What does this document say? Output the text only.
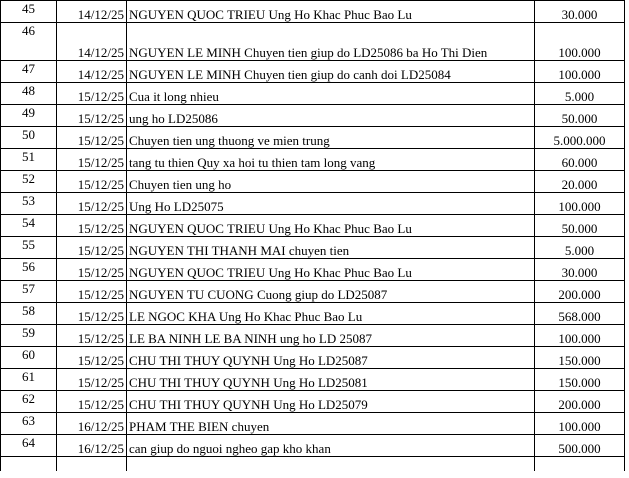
45	14/12/25	NGUYEN QUOC TRIEU Ung Ho Khac Phuc Bao Lu	30.000
46	14/12/25	NGUYEN LE MINH Chuyen tien giup do LD25086 ba Ho Thi Dien	100.000
47	14/12/25	NGUYEN LE MINH Chuyen tien giup do canh doi LD25084	100.000
48	15/12/25	Cua it long nhieu	5.000
49	15/12/25	ung ho LD25086	50.000
50	15/12/25	Chuyen tien ung thuong ve mien trung	5.000.000
51	15/12/25	tang tu thien Quy xa hoi tu thien tam long vang	60.000
52	15/12/25	Chuyen tien ung ho	20.000
53	15/12/25	Ung Ho LD25075	100.000
54	15/12/25	NGUYEN QUOC TRIEU Ung Ho Khac Phuc Bao Lu	50.000
55	15/12/25	NGUYEN THI THANH MAI chuyen tien	5.000
56	15/12/25	NGUYEN QUOC TRIEU Ung Ho Khac Phuc Bao Lu	30.000
57	15/12/25	NGUYEN TU CUONG Cuong giup do LD25087	200.000
58	15/12/25	LE NGOC KHA Ung Ho Khac Phuc Bao Lu	568.000
59	15/12/25	LE BA NINH LE BA NINH ung ho LD 25087	100.000
60	15/12/25	CHU THI THUY QUYNH Ung Ho LD25087	150.000
61	15/12/25	CHU THI THUY QUYNH Ung Ho LD25081	150.000
62	15/12/25	CHU THI THUY QUYNH Ung Ho LD25079	200.000
63	16/12/25	PHAM THE BIEN chuyen	100.000
64	16/12/25	can giup do nguoi ngheo gap kho khan	500.000
